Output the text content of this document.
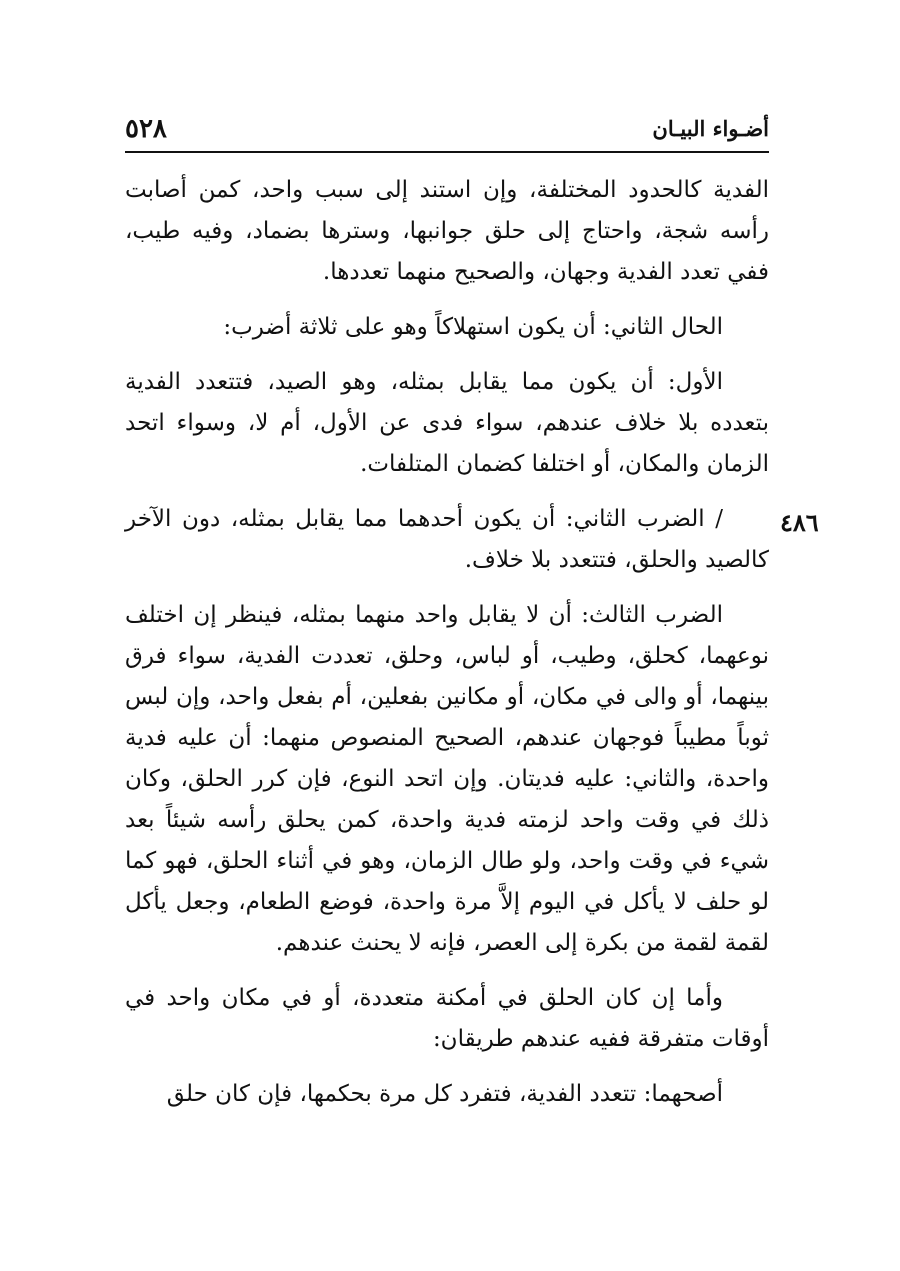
أضـواء البيـان
٥٢٨
٤٨٦

الفدية كالحدود المختلفة، وإن استند إلى سبب واحد، كمن أصابت رأسه شجة، واحتاج إلى حلق جوانبها، وسترها بضماد، وفيه طيب، ففي تعدد الفدية وجهان، والصحيح منهما تعددها.

الحال الثاني: أن يكون استهلاكاً وهو على ثلاثة أضرب:

الأول: أن يكون مما يقابل بمثله، وهو الصيد، فتتعدد الفدية بتعدده بلا خلاف عندهم، سواء فدى عن الأول، أم لا، وسواء اتحد الزمان والمكان، أو اختلفا كضمان المتلفات.

/ الضرب الثاني: أن يكون أحدهما مما يقابل بمثله، دون الآخر كالصيد والحلق، فتتعدد بلا خلاف.

الضرب الثالث: أن لا يقابل واحد منهما بمثله، فينظر إن اختلف نوعهما، كحلق، وطيب، أو لباس، وحلق، تعددت الفدية، سواء فرق بينهما، أو والى في مكان، أو مكانين بفعلين، أم بفعل واحد، وإن لبس ثوباً مطيباً فوجهان عندهم، الصحيح المنصوص منهما: أن عليه فدية واحدة، والثاني: عليه فديتان. وإن اتحد النوع، فإن كرر الحلق، وكان ذلك في وقت واحد لزمته فدية واحدة، كمن يحلق رأسه شيئاً بعد شيء في وقت واحد، ولو طال الزمان، وهو في أثناء الحلق، فهو كما لو حلف لا يأكل في اليوم إلاَّ مرة واحدة، فوضع الطعام، وجعل يأكل لقمة لقمة من بكرة إلى العصر، فإنه لا يحنث عندهم.

وأما إن كان الحلق في أمكنة متعددة، أو في مكان واحد في أوقات متفرقة ففيه عندهم طريقان:

أصحهما: تتعدد الفدية، فتفرد كل مرة بحكمها، فإن كان حلق
